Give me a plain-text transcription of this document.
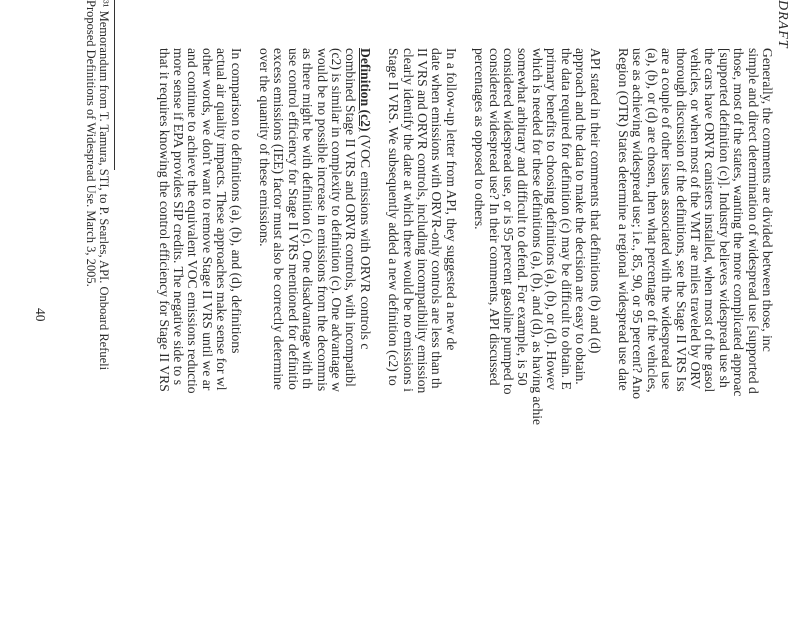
DRAFT
Generally, the comments are divided between those, inc
simple and direct determination of widespread use [supported d
those, most of the states, wanting the more complicated approac
[supported definition (c)]. Industry believes widespread use sh
the cars have ORVR canisters installed, when most of the gasol
vehicles, or when most of the VMT are miles traveled by ORV
thorough discussion of the definitions, see the Stage II VRS Iss
are a couple of other issues associated with the widespread use
(a), (b), or (d) are chosen, then what percentage of the vehicles,
use as achieving widespread use; i.e., 85, 90, or 95 percent? Ano
Region (OTR) States determine a regional widespread use date
API stated in their comments that definitions (b) and (d)
approach and the data to make the decision are easy to obtain.
the data required for definition (c) may be difficult to obtain. E
primary benefits to choosing definitions (a), (b), or (d). Howev
which is needed for these definitions (a), (b), and (d), as having achie
somewhat arbitrary and difficult to defend. For example, is 50
considered widespread use, or is 95 percent gasoline pumped to
considered widespread use? In their comments, API discussed
percentages as opposed to others.
In a follow-up letter from API, they suggested a new de
date when emissions with ORVR-only controls are less than th
II VRS and ORVR controls, including incompatibility emission
clearly identify the date at which there would be no emissions i
Stage II VRS. We subsequently added a new definition (c2) to
Definition (c2) (VOC emissions with ORVR controls c
combined Stage II VRS and ORVR controls, with incompatibl
(c2) is similar in complexity to definition (c). One advantage w
would be no possible increase in emissions from the decommis
as there might be with definition (c). One disadvantage with th
use control efficiency for Stage II VRS mentioned for definitio
excess emissions (IEE) factor must also be correctly determine
over the quantity of these emissions.
In comparison to definitions (a), (b), and (d), definitions
actual air quality impacts. These approaches make sense for wl
other words, we don't want to remove Stage II VRS until we ar
and continue to achieve the equivalent VOC emissions reductio
more sense if EPA provides SIP credits. The negative side to s
that it requires knowing the control efficiency for Stage II VRS
³¹ Memorandum from T. Tamura, STI, to P. Searles, API. Onboard Refueli
Proposed Definitions of Widespread Use. March 3, 2005.
40
